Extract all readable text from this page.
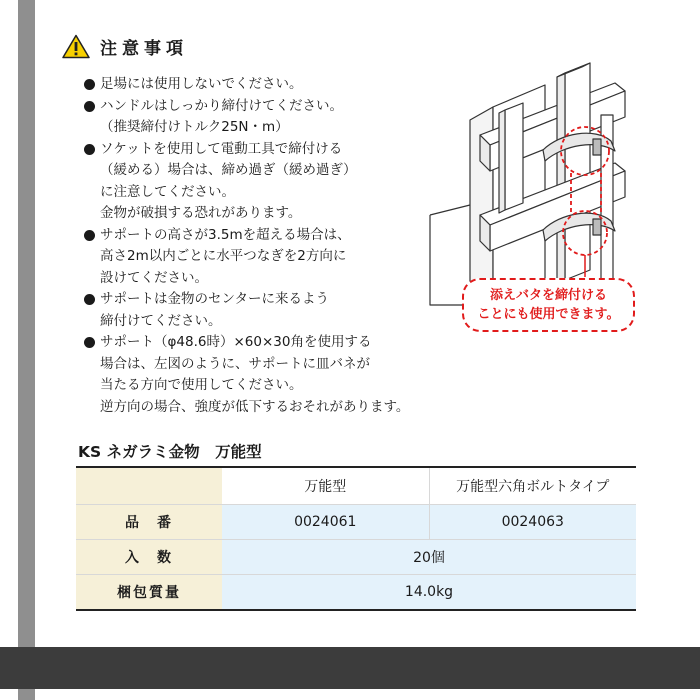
注意事項
足場には使用しないでください。
ハンドルはしっかり締付けてください。
（推奨締付けトルク25N・m）
ソケットを使用して電動工具で締付ける
（緩める）場合は、締め過ぎ（緩め過ぎ）
に注意してください。
金物が破損する恐れがあります。
サポートの高さが3.5mを超える場合は、
高さ2m以内ごとに水平つなぎを2方向に
設けてください。
サポートは金物のセンターに来るよう
締付けてください。
サポート（φ48.6時）×60×30角を使用する
場合は、左図のように、サポートに皿バネが
当たる方向で使用してください。
逆方向の場合、強度が低下するおそれがあります。
添えバタを締付ける
ことにも使用できます。
KS ネガラミ金物　万能型
	万能型	万能型六角ボルトタイプ
品　番	0024061	0024063
入　数	20個	
梱包質量	14.0kg	
